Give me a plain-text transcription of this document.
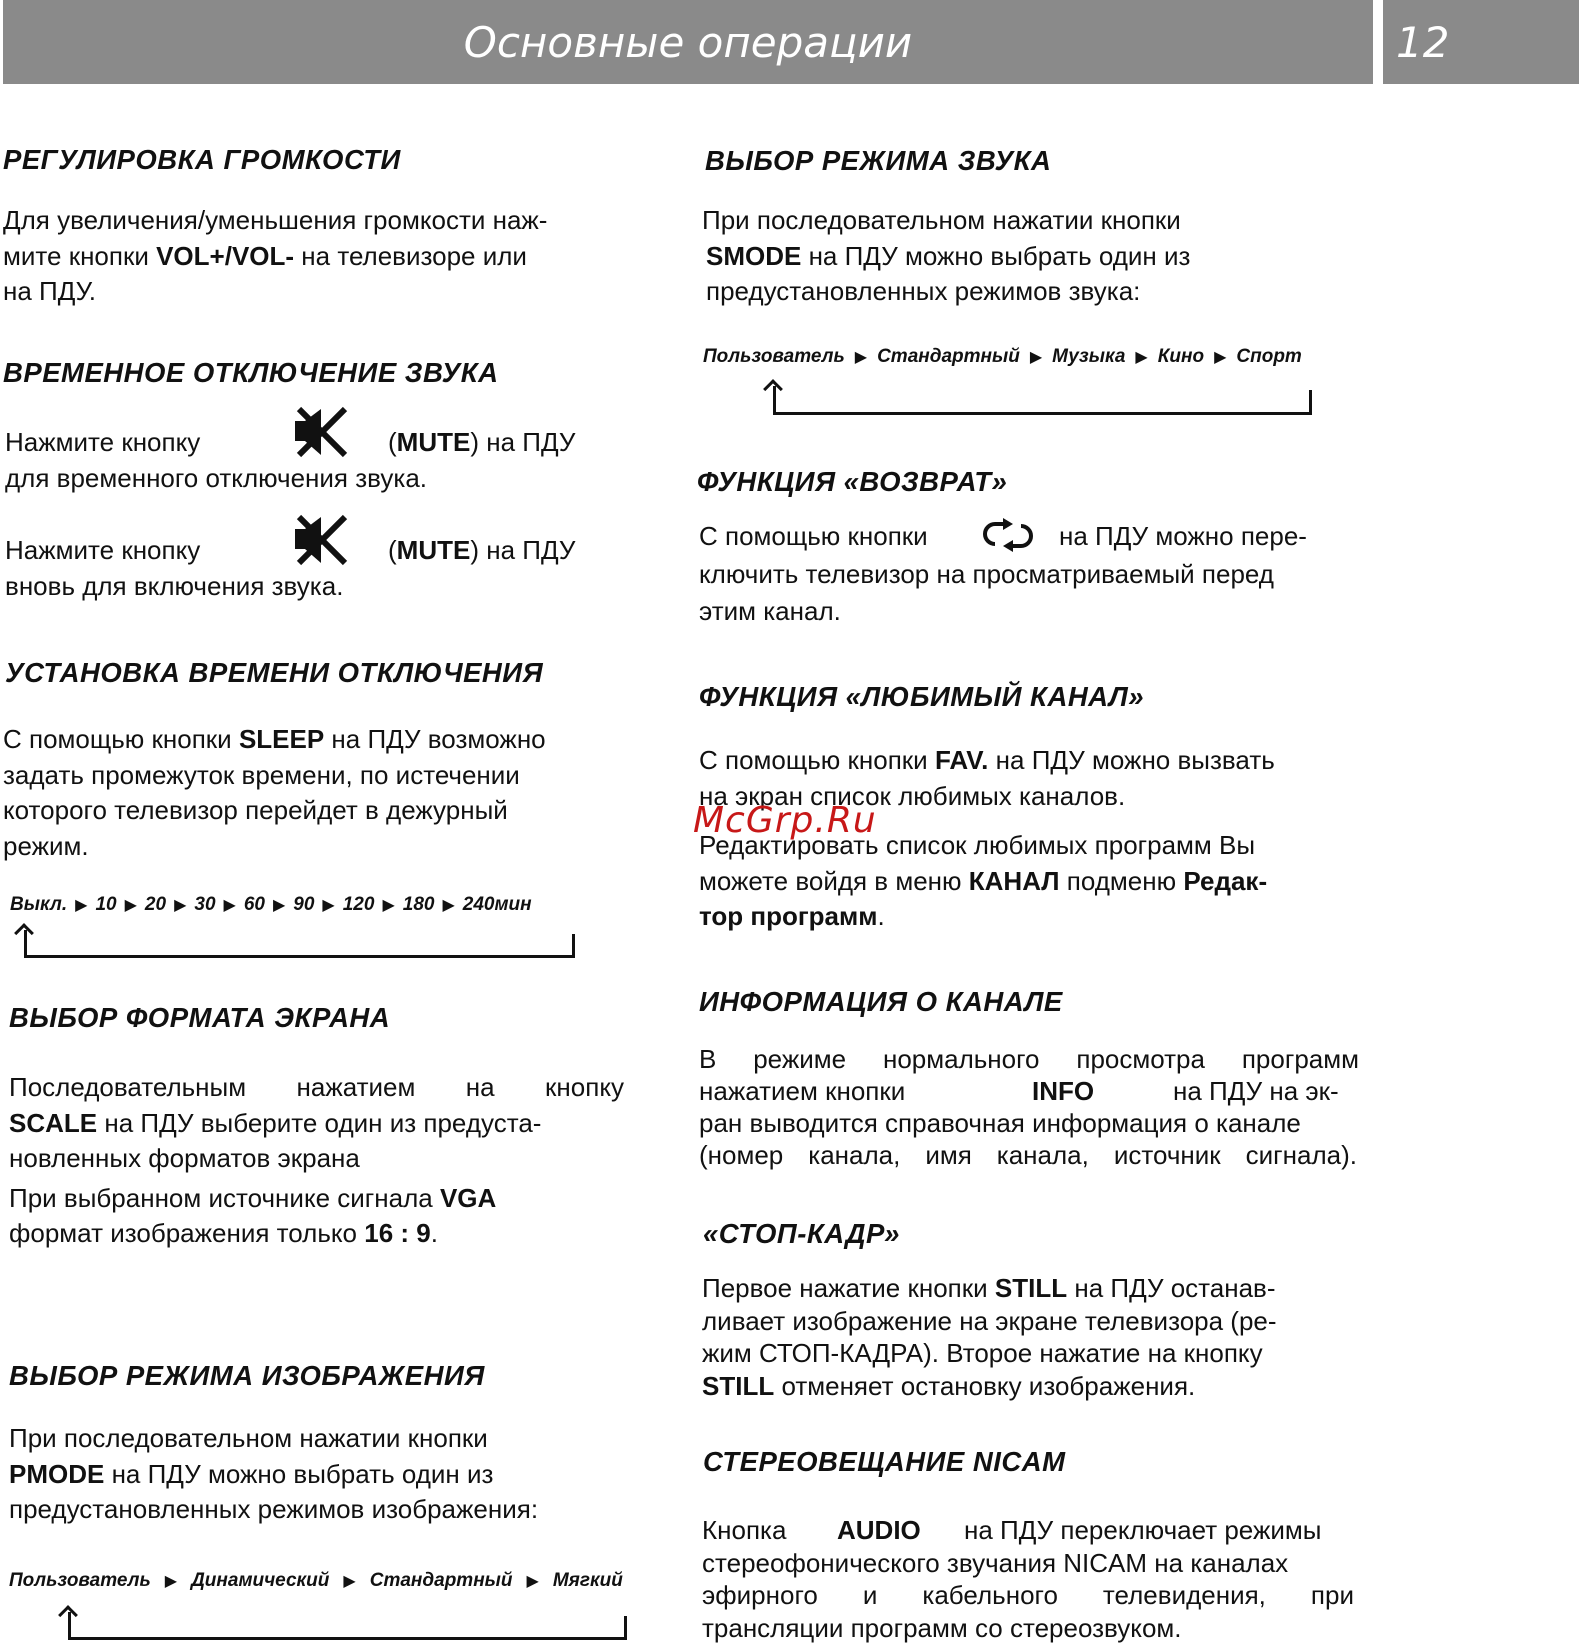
Основные операции	12
РЕГУЛИРОВКА ГРОМКОСТИ
Для увеличения/уменьшения громкости наж-
мите кнопки VOL+/VOL- на телевизоре или
на ПДУ.
ВРЕМЕННОЕ ОТКЛЮЧЕНИЕ ЗВУКА
Нажмите кнопку	(MUTE) на ПДУ
для временного отключения звука.
Нажмите кнопку	(MUTE) на ПДУ
вновь для включения звука.
УСТАНОВКА ВРЕМЕНИ ОТКЛЮЧЕНИЯ
С помощью кнопки SLEEP на ПДУ возможно
задать промежуток времени, по истечении
которого телевизор перейдет в дежурный
режим.
Выкл. ▶ 10 ▶ 20 ▶ 30 ▶ 60 ▶ 90 ▶ 120 ▶ 180 ▶ 240мин
ВЫБОР ФОРМАТА ЭКРАНА
Последовательным нажатием на кнопку
SCALE на ПДУ выберите один из предуста-
новленных форматов экрана
При выбранном источнике сигнала VGA
формат изображения только 16 : 9.
ВЫБОР РЕЖИМА ИЗОБРАЖЕНИЯ
При последовательном нажатии кнопки
PMODE на ПДУ можно выбрать один из
предустановленных режимов изображения:
Пользователь ▶ Динамический ▶ Стандартный ▶ Мягкий
ВЫБОР РЕЖИМА ЗВУКА
При последовательном нажатии кнопки
SMODE на ПДУ можно выбрать один из
предустановленных режимов звука:
Пользователь ▶ Стандартный ▶ Музыка ▶ Кино ▶ Спорт
ФУНКЦИЯ «ВОЗВРАТ»
С помощью кнопки	на ПДУ можно пере-
ключить телевизор на просматриваемый перед
этим канал.
ФУНКЦИЯ «ЛЮБИМЫЙ КАНАЛ»
С помощью кнопки FAV. на ПДУ можно вызвать
на экран список любимых каналов.
Редактировать список любимых программ Вы
можете войдя в меню КАНАЛ подменю Редак-
тор программ.
ИНФОРМАЦИЯ О КАНАЛЕ
В режиме нормального просмотра программ
нажатием кнопки	INFO	на ПДУ на эк-
ран выводится справочная информация о канале
(номер канала, имя канала, источник сигнала).
«СТОП-КАДР»
Первое нажатие кнопки STILL на ПДУ останав-
ливает изображение на экране телевизора (ре-
жим СТОП-КАДРА). Второе нажатие на кнопку
STILL отменяет остановку изображения.
СТЕРЕОВЕЩАНИЕ NICAM
Кнопка AUDIO на ПДУ переключает режимы
стереофонического звучания NICAM на каналах
эфирного и кабельного телевидения, при
трансляции программ со стереозвуком.
McGrp.Ru
